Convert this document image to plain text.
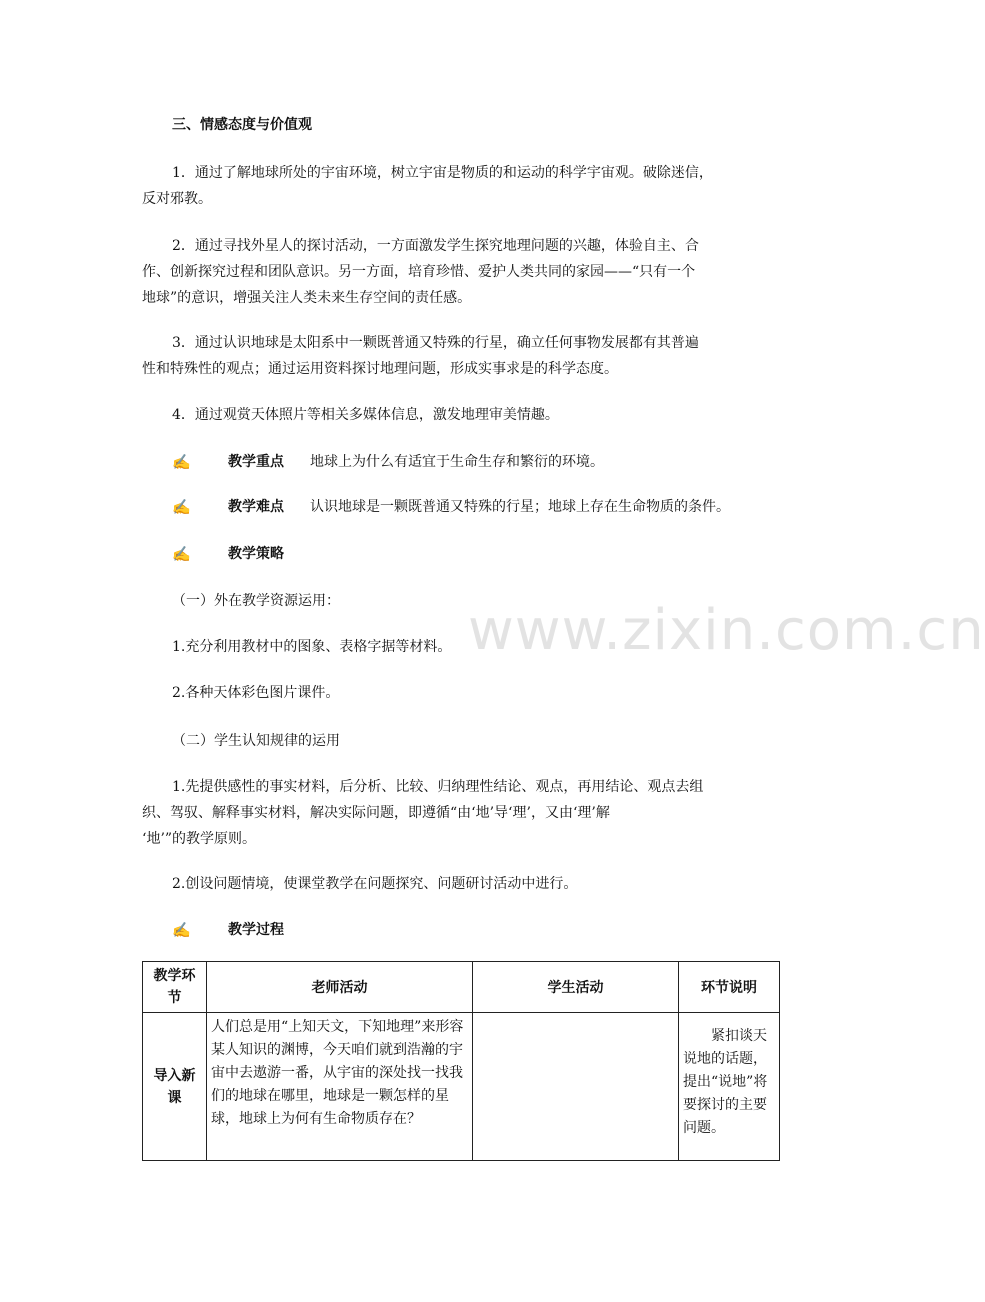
www.zixin.com.cn
三、情感态度与价值观
1．通过了解地球所处的宇宙环境，树立宇宙是物质的和运动的科学宇宙观。破除迷信，
反对邪教。
2．通过寻找外星人的探讨活动，一方面激发学生探究地理问题的兴趣，体验自主、合
作、创新探究过程和团队意识。另一方面，培育珍惜、爱护人类共同的家园——“只有一个
地球”的意识，增强关注人类未来生存空间的责任感。
3．通过认识地球是太阳系中一颗既普通又特殊的行星，确立任何事物发展都有其普遍
性和特殊性的观点；通过运用资料探讨地理问题，形成实事求是的科学态度。
4．通过观赏天体照片等相关多媒体信息，激发地理审美情趣。
✍	教学重点 地球上为什么有适宜于生命生存和繁衍的环境。
✍	教学难点 认识地球是一颗既普通又特殊的行星；地球上存在生命物质的条件。
✍	教学策略
（一）外在教学资源运用：
1.充分利用教材中的图象、表格字据等材料。
2.各种天体彩色图片课件。
（二）学生认知规律的运用
1.先提供感性的事实材料，后分析、比较、归纳理性结论、观点，再用结论、观点去组
织、驾驭、解释事实材料，解决实际问题，即遵循“由‘地’导‘理’，又由‘理’解
‘地’”的教学原则。
2.创设问题情境，使课堂教学在问题探究、问题研讨活动中进行。
✍	教学过程
教学环节	老师活动	学生活动	环节说明
导入新课	人们总是用“上知天文，下知地理”来形容某人知识的渊博，今天咱们就到浩瀚的宇宙中去遨游一番，从宇宙的深处找一找我们的地球在哪里，地球是一颗怎样的星球，地球上为何有生命物质存在？		紧扣谈天说地的话题，提出“说地”将要探讨的主要问题。
